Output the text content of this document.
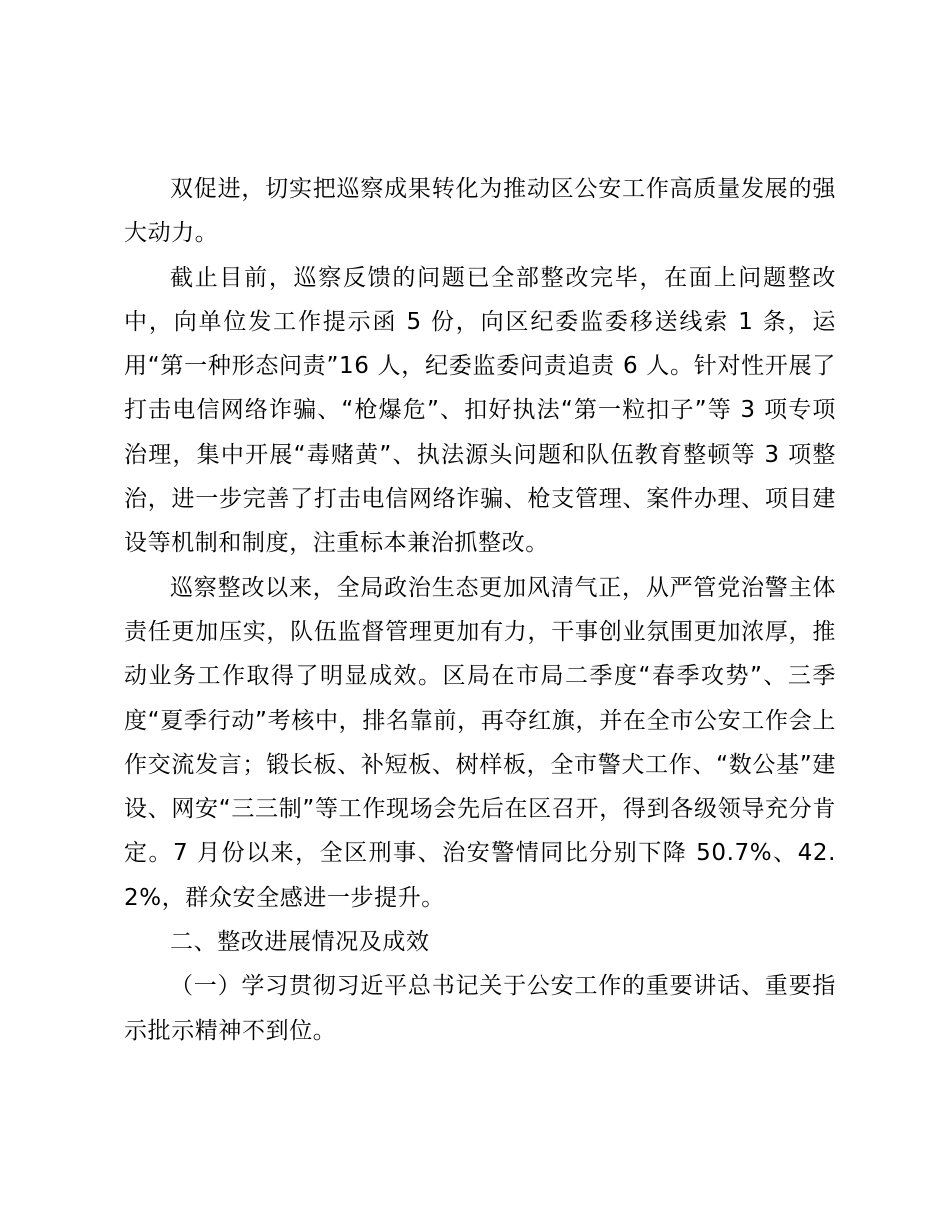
双促进，切实把巡察成果转化为推动区公安工作高质量发展的强大动力。

截止目前，巡察反馈的问题已全部整改完毕，在面上问题整改中，向单位发工作提示函 5 份，向区纪委监委移送线索 1 条，运用“第一种形态问责”16 人，纪委监委问责追责 6 人。针对性开展了打击电信网络诈骗、“枪爆危”、扣好执法“第一粒扣子”等 3 项专项治理，集中开展“毒赌黄”、执法源头问题和队伍教育整顿等 3 项整治，进一步完善了打击电信网络诈骗、枪支管理、案件办理、项目建设等机制和制度，注重标本兼治抓整改。

巡察整改以来，全局政治生态更加风清气正，从严管党治警主体责任更加压实，队伍监督管理更加有力，干事创业氛围更加浓厚，推动业务工作取得了明显成效。区局在市局二季度“春季攻势”、三季度“夏季行动”考核中，排名靠前，再夺红旗，并在全市公安工作会上作交流发言；锻长板、补短板、树样板，全市警犬工作、“数公基”建设、网安“三三制”等工作现场会先后在区召开，得到各级领导充分肯定。7 月份以来，全区刑事、治安警情同比分别下降 50.7%、42.2%，群众安全感进一步提升。

二、整改进展情况及成效

（一）学习贯彻习近平总书记关于公安工作的重要讲话、重要指示批示精神不到位。
